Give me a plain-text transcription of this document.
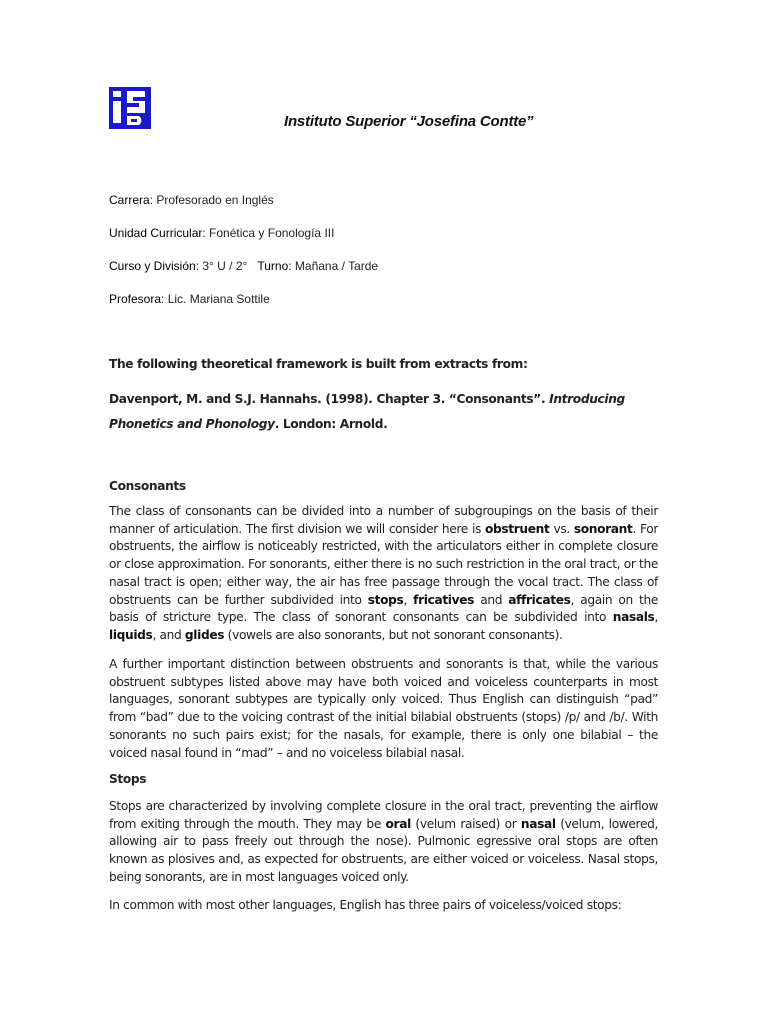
Instituto Superior “Josefina Contte”
Carrera: Profesorado en Inglés
Unidad Curricular: Fonética y Fonología III
Curso y División: 3° U / 2° Turno: Mañana / Tarde
Profesora: Lic. Mariana Sottile
The following theoretical framework is built from extracts from:
Davenport, M. and S.J. Hannahs. (1998). Chapter 3. “Consonants”. Introducing Phonetics and Phonology. London: Arnold.
Consonants
The class of consonants can be divided into a number of subgroupings on the basis of their manner of articulation. The first division we will consider here is obstruent vs. sonorant. For obstruents, the airflow is noticeably restricted, with the articulators either in complete closure or close approximation. For sonorants, either there is no such restriction in the oral tract, or the nasal tract is open; either way, the air has free passage through the vocal tract. The class of obstruents can be further subdivided into stops, fricatives and affricates, again on the basis of stricture type. The class of sonorant consonants can be subdivided into nasals, liquids, and glides (vowels are also sonorants, but not sonorant consonants).
A further important distinction between obstruents and sonorants is that, while the various obstruent subtypes listed above may have both voiced and voiceless counterparts in most languages, sonorant subtypes are typically only voiced. Thus English can distinguish “pad” from “bad” due to the voicing contrast of the initial bilabial obstruents (stops) /p/ and /b/. With sonorants no such pairs exist; for the nasals, for example, there is only one bilabial – the voiced nasal found in “mad” – and no voiceless bilabial nasal.
Stops
Stops are characterized by involving complete closure in the oral tract, preventing the airflow from exiting through the mouth. They may be oral (velum raised) or nasal (velum, lowered, allowing air to pass freely out through the nose). Pulmonic egressive oral stops are often known as plosives and, as expected for obstruents, are either voiced or voiceless. Nasal stops, being sonorants, are in most languages voiced only.
In common with most other languages, English has three pairs of voiceless/voiced stops:
